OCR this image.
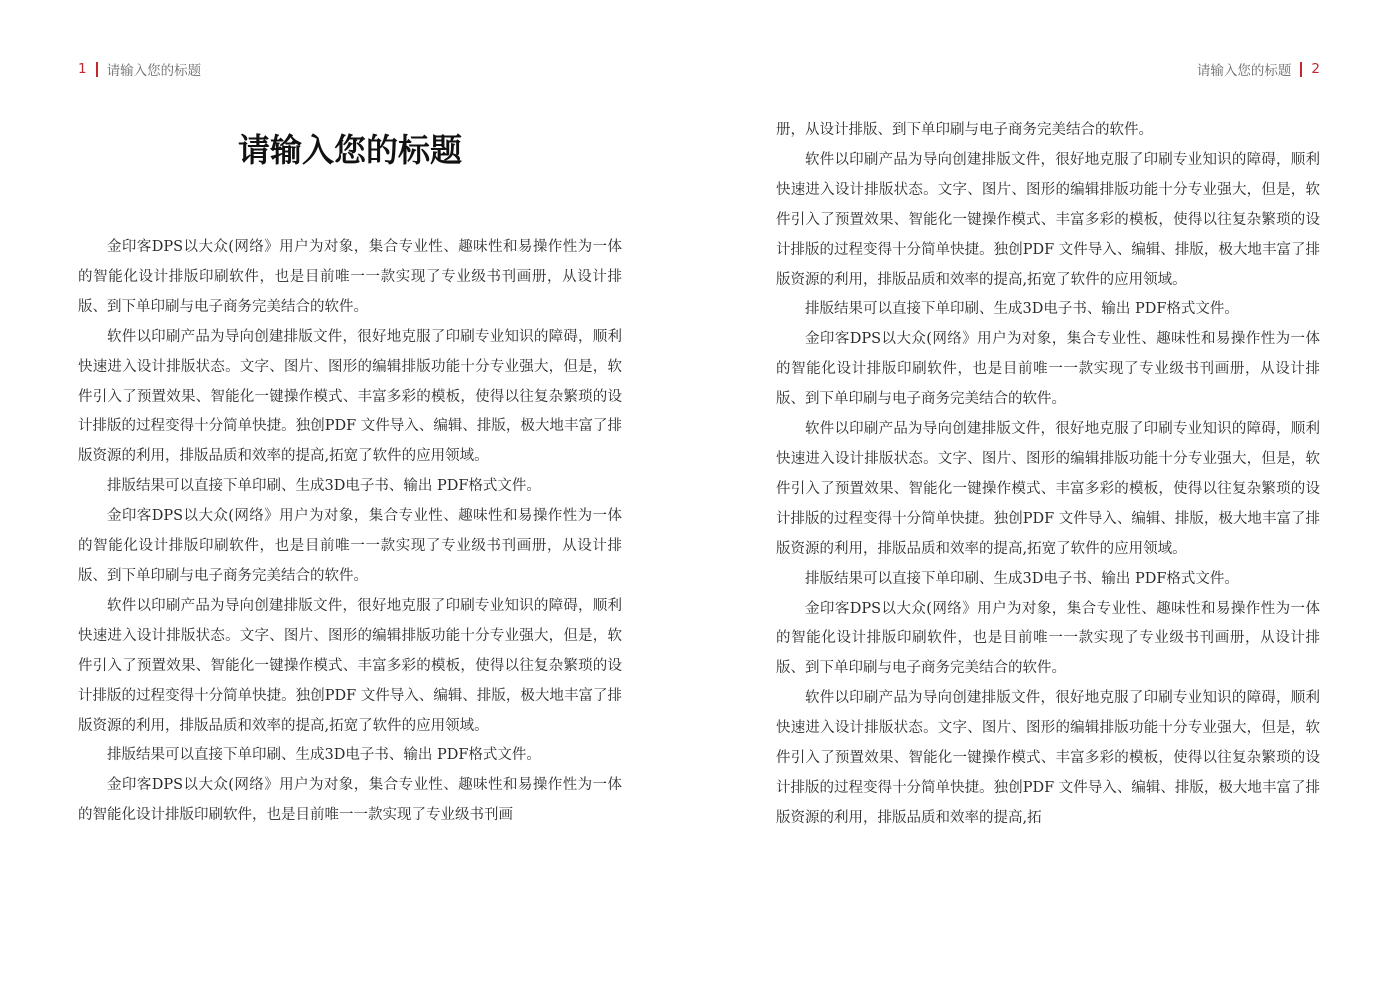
1 请输入您的标题
请输入您的标题

金印客DPS以大众(网络》用户为对象，集合专业性、趣味性和易操作性为一体的智能化设计排版印刷软件，也是目前唯一一款实现了专业级书刊画册，从设计排版、到下单印刷与电子商务完美结合的软件。

软件以印刷产品为导向创建排版文件，很好地克服了印刷专业知识的障碍，顺利快速进入设计排版状态。文字、图片、图形的编辑排版功能十分专业强大，但是，软件引入了预置效果、智能化一键操作模式、丰富多彩的模板，使得以往复杂繁琐的设计排版的过程变得十分简单快捷。独创PDF 文件导入、编辑、排版，极大地丰富了排版资源的利用，排版品质和效率的提高,拓宽了软件的应用领域。

排版结果可以直接下单印刷、生成3D电子书、输出 PDF格式文件。

金印客DPS以大众(网络》用户为对象，集合专业性、趣味性和易操作性为一体的智能化设计排版印刷软件，也是目前唯一一款实现了专业级书刊画册，从设计排版、到下单印刷与电子商务完美结合的软件。

软件以印刷产品为导向创建排版文件，很好地克服了印刷专业知识的障碍，顺利快速进入设计排版状态。文字、图片、图形的编辑排版功能十分专业强大，但是，软件引入了预置效果、智能化一键操作模式、丰富多彩的模板，使得以往复杂繁琐的设计排版的过程变得十分简单快捷。独创PDF 文件导入、编辑、排版，极大地丰富了排版资源的利用，排版品质和效率的提高,拓宽了软件的应用领域。

排版结果可以直接下单印刷、生成3D电子书、输出 PDF格式文件。

金印客DPS以大众(网络》用户为对象，集合专业性、趣味性和易操作性为一体的智能化设计排版印刷软件，也是目前唯一一款实现了专业级书刊画

请输入您的标题 2

册，从设计排版、到下单印刷与电子商务完美结合的软件。

软件以印刷产品为导向创建排版文件，很好地克服了印刷专业知识的障碍，顺利快速进入设计排版状态。文字、图片、图形的编辑排版功能十分专业强大，但是，软件引入了预置效果、智能化一键操作模式、丰富多彩的模板，使得以往复杂繁琐的设计排版的过程变得十分简单快捷。独创PDF 文件导入、编辑、排版，极大地丰富了排版资源的利用，排版品质和效率的提高,拓宽了软件的应用领域。

排版结果可以直接下单印刷、生成3D电子书、输出 PDF格式文件。

金印客DPS以大众(网络》用户为对象，集合专业性、趣味性和易操作性为一体的智能化设计排版印刷软件，也是目前唯一一款实现了专业级书刊画册，从设计排版、到下单印刷与电子商务完美结合的软件。

软件以印刷产品为导向创建排版文件，很好地克服了印刷专业知识的障碍，顺利快速进入设计排版状态。文字、图片、图形的编辑排版功能十分专业强大，但是，软件引入了预置效果、智能化一键操作模式、丰富多彩的模板，使得以往复杂繁琐的设计排版的过程变得十分简单快捷。独创PDF 文件导入、编辑、排版，极大地丰富了排版资源的利用，排版品质和效率的提高,拓宽了软件的应用领域。

排版结果可以直接下单印刷、生成3D电子书、输出 PDF格式文件。

金印客DPS以大众(网络》用户为对象，集合专业性、趣味性和易操作性为一体的智能化设计排版印刷软件，也是目前唯一一款实现了专业级书刊画册，从设计排版、到下单印刷与电子商务完美结合的软件。

软件以印刷产品为导向创建排版文件，很好地克服了印刷专业知识的障碍，顺利快速进入设计排版状态。文字、图片、图形的编辑排版功能十分专业强大，但是，软件引入了预置效果、智能化一键操作模式、丰富多彩的模板，使得以往复杂繁琐的设计排版的过程变得十分简单快捷。独创PDF 文件导入、编辑、排版，极大地丰富了排版资源的利用，排版品质和效率的提高,拓
